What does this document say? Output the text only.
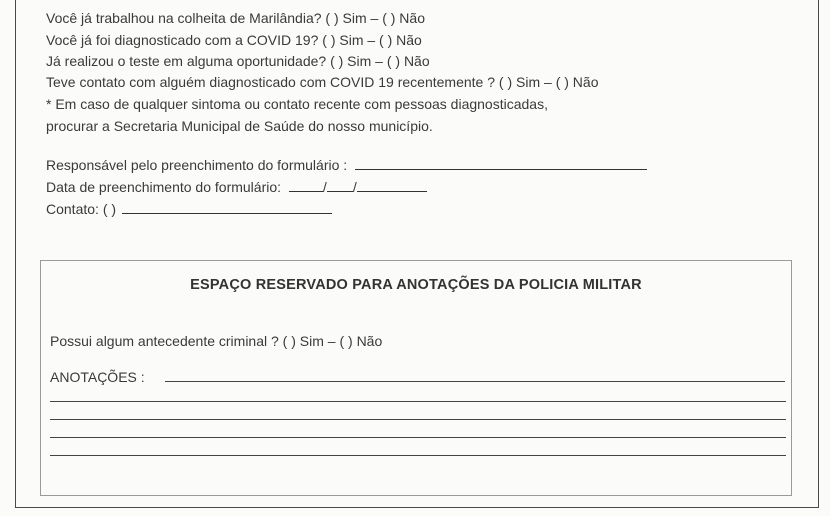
Você já trabalhou na colheita de Marilândia? ( ) Sim – ( ) Não
Você já foi diagnosticado com a COVID 19? ( ) Sim – ( ) Não
Já realizou o teste em alguma oportunidade? ( ) Sim – ( ) Não
Teve contato com alguém diagnosticado com COVID 19 recentemente ? ( ) Sim – ( ) Não
* Em caso de qualquer sintoma ou contato recente com pessoas diagnosticadas,
procurar a Secretaria Municipal de Saúde do nosso município.
Responsável pelo preenchimento do formulário :
Data de preenchimento do formulário:	/ /
Contato: ( )
ESPAÇO RESERVADO PARA ANOTAÇÕES DA POLICIA MILITAR
Possui algum antecedente criminal ? ( ) Sim – ( ) Não
ANOTAÇÕES :
